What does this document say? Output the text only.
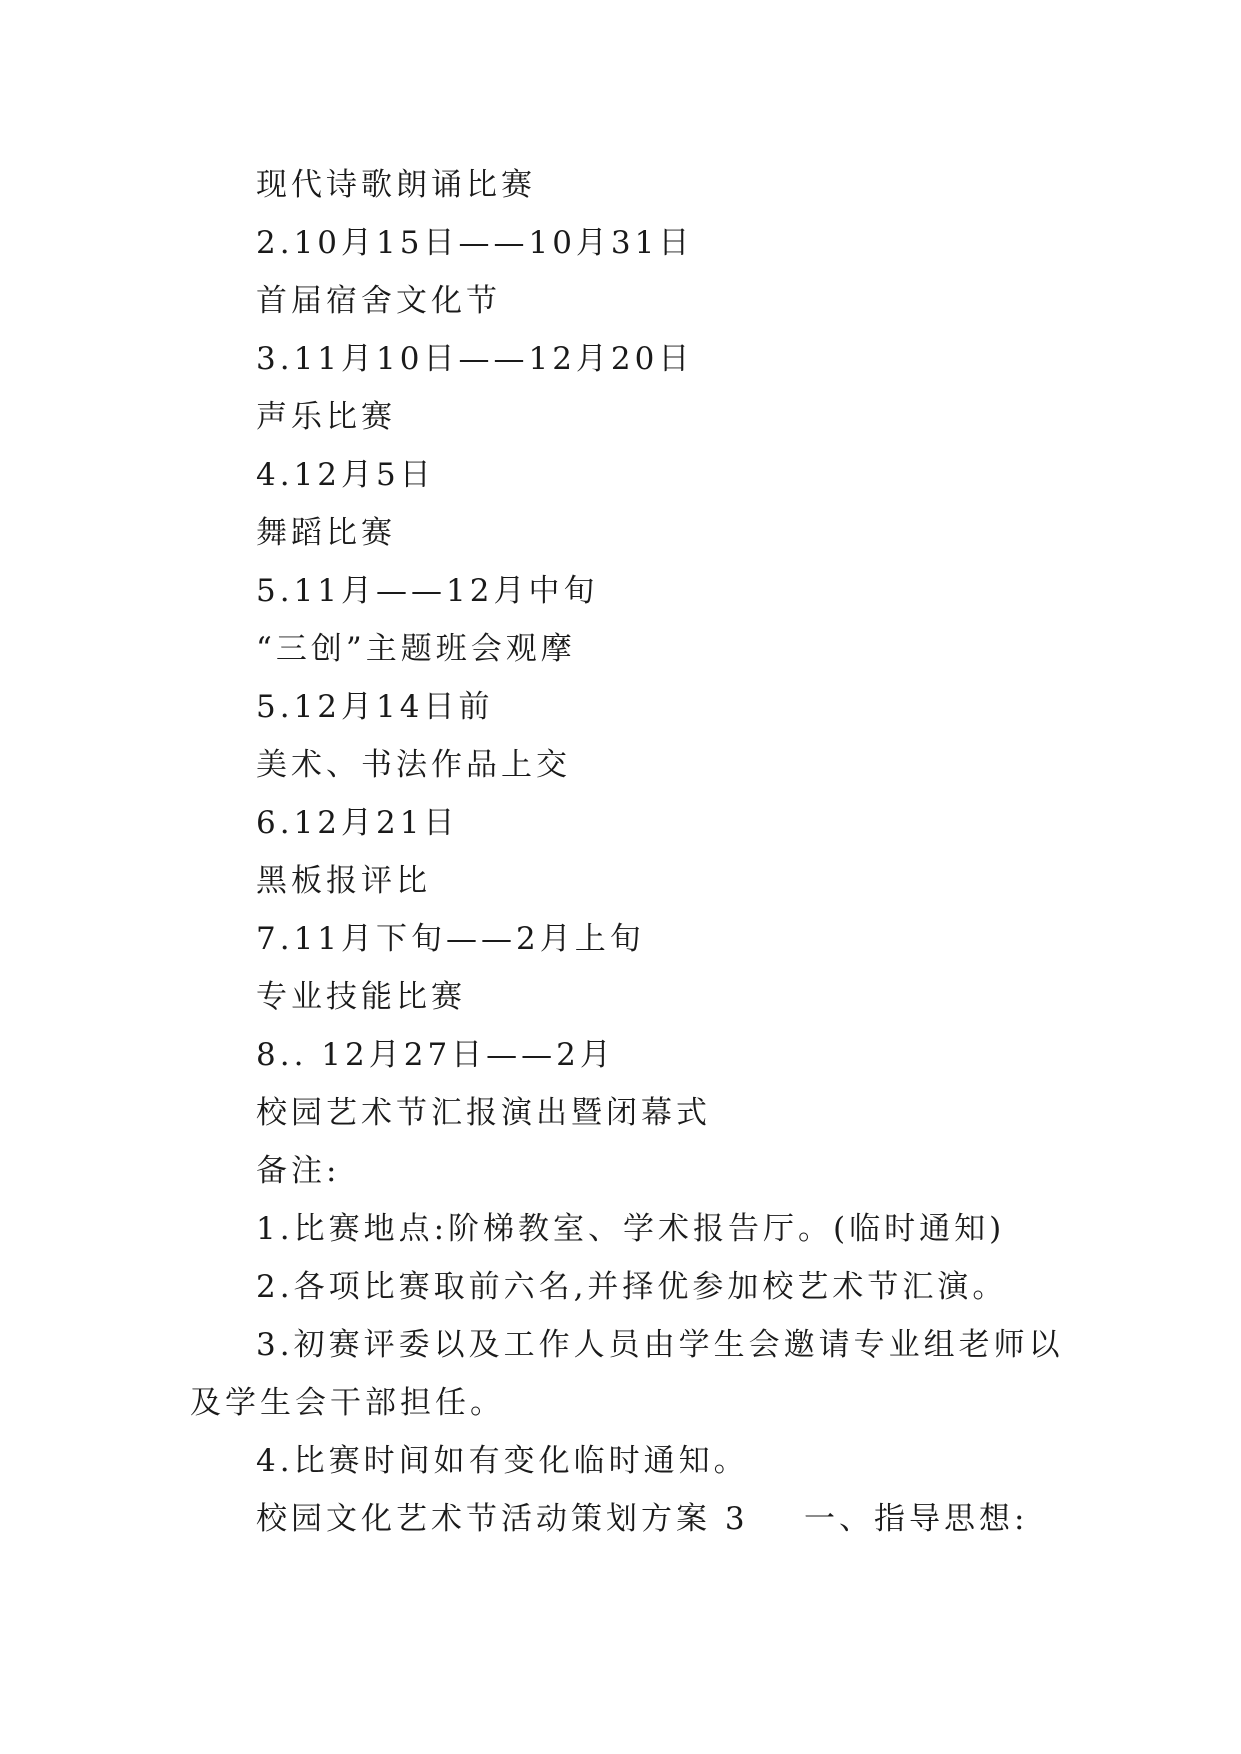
现代诗歌朗诵比赛
2.10月15日——10月31日
首届宿舍文化节
3.11月10日——12月20日
声乐比赛
4.12月5日
舞蹈比赛
5.11月——12月中旬
“三创”主题班会观摩
5.12月14日前
美术、书法作品上交
6.12月21日
黑板报评比
7.11月下旬——2月上旬
专业技能比赛
8.. 12月27日——2月
校园艺术节汇报演出暨闭幕式
备注:
1.比赛地点:阶梯教室、学术报告厅。(临时通知)
2.各项比赛取前六名,并择优参加校艺术节汇演。
3.初赛评委以及工作人员由学生会邀请专业组老师以
及学生会干部担任。
4.比赛时间如有变化临时通知。
校园文化艺术节活动策划方案 3    一、指导思想:
